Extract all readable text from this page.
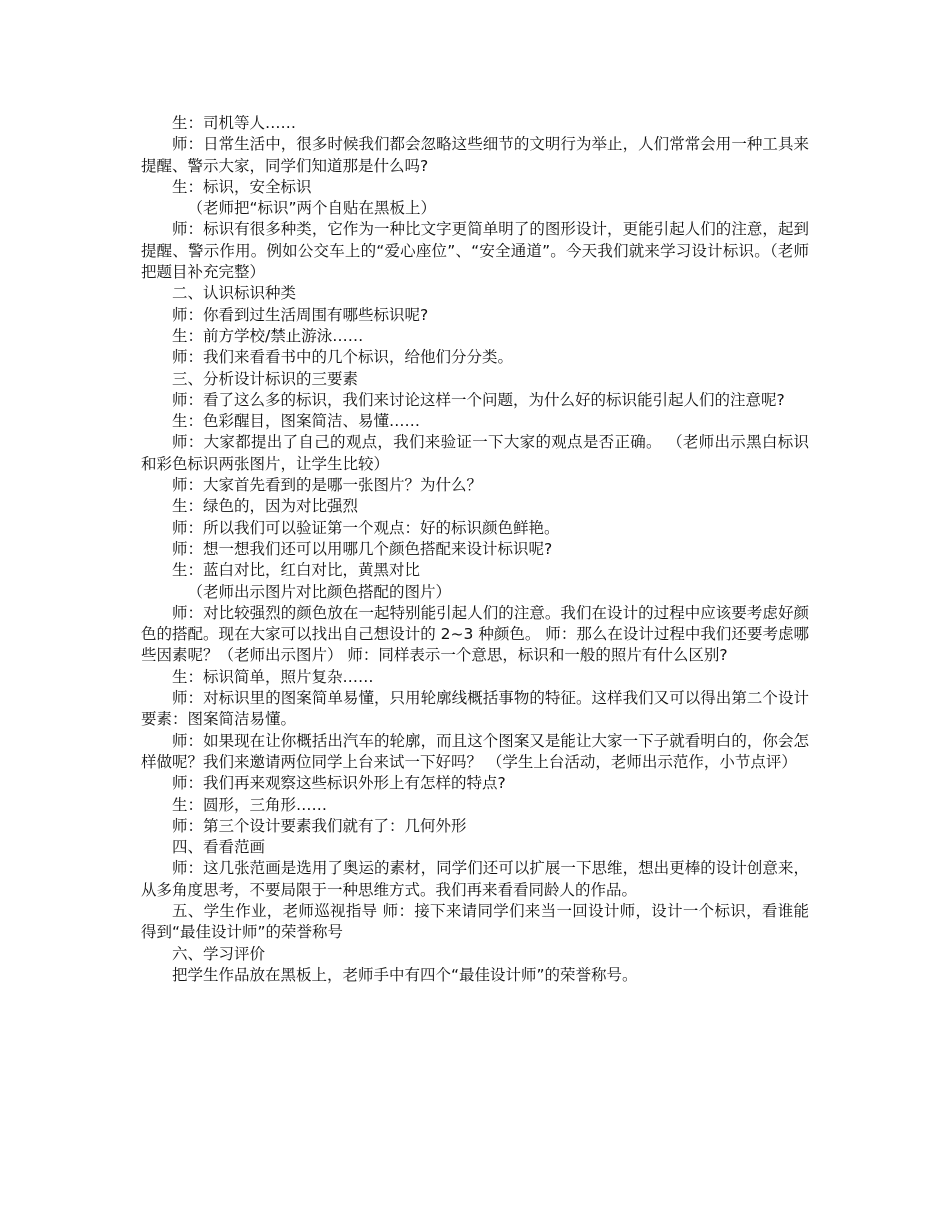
生：司机等人……

师：日常生活中，很多时候我们都会忽略这些细节的文明行为举止，人们常常会用一种工具来提醒、警示大家，同学们知道那是什么吗?

生：标识，安全标识

（老师把“标识”两个自贴在黑板上）

师：标识有很多种类，它作为一种比文字更简单明了的图形设计，更能引起人们的注意，起到提醒、警示作用。例如公交车上的“爱心座位”、“安全通道”。今天我们就来学习设计标识。（老师把题目补充完整）

二、认识标识种类

师：你看到过生活周围有哪些标识呢?

生：前方学校/禁止游泳……

师：我们来看看书中的几个标识，给他们分分类。

三、分析设计标识的三要素

师：看了这么多的标识，我们来讨论这样一个问题，为什么好的标识能引起人们的注意呢?

生：色彩醒目，图案简洁、易懂……

师：大家都提出了自己的观点，我们来验证一下大家的观点是否正确。 （老师出示黑白标识和彩色标识两张图片，让学生比较）

师：大家首先看到的是哪一张图片？为什么？

生：绿色的，因为对比强烈

师：所以我们可以验证第一个观点：好的标识颜色鲜艳。

师：想一想我们还可以用哪几个颜色搭配来设计标识呢?

生：蓝白对比，红白对比，黄黑对比

（老师出示图片对比颜色搭配的图片）

师：对比较强烈的颜色放在一起特别能引起人们的注意。我们在设计的过程中应该要考虑好颜色的搭配。现在大家可以找出自己想设计的 2~3 种颜色。 师：那么在设计过程中我们还要考虑哪些因素呢？（老师出示图片） 师：同样表示一个意思，标识和一般的照片有什么区别?

生：标识简单，照片复杂……

师：对标识里的图案简单易懂，只用轮廓线概括事物的特征。这样我们又可以得出第二个设计要素：图案简洁易懂。

师：如果现在让你概括出汽车的轮廓，而且这个图案又是能让大家一下子就看明白的，你会怎样做呢？我们来邀请两位同学上台来试一下好吗？ （学生上台活动，老师出示范作，小节点评）

师：我们再来观察这些标识外形上有怎样的特点?

生：圆形，三角形……

师：第三个设计要素我们就有了：几何外形

四、看看范画

师：这几张范画是选用了奥运的素材，同学们还可以扩展一下思维，想出更棒的设计创意来，从多角度思考，不要局限于一种思维方式。我们再来看看同龄人的作品。

五、学生作业，老师巡视指导 师：接下来请同学们来当一回设计师，设计一个标识，看谁能得到“最佳设计师”的荣誉称号

六、学习评价

把学生作品放在黑板上，老师手中有四个“最佳设计师”的荣誉称号。
